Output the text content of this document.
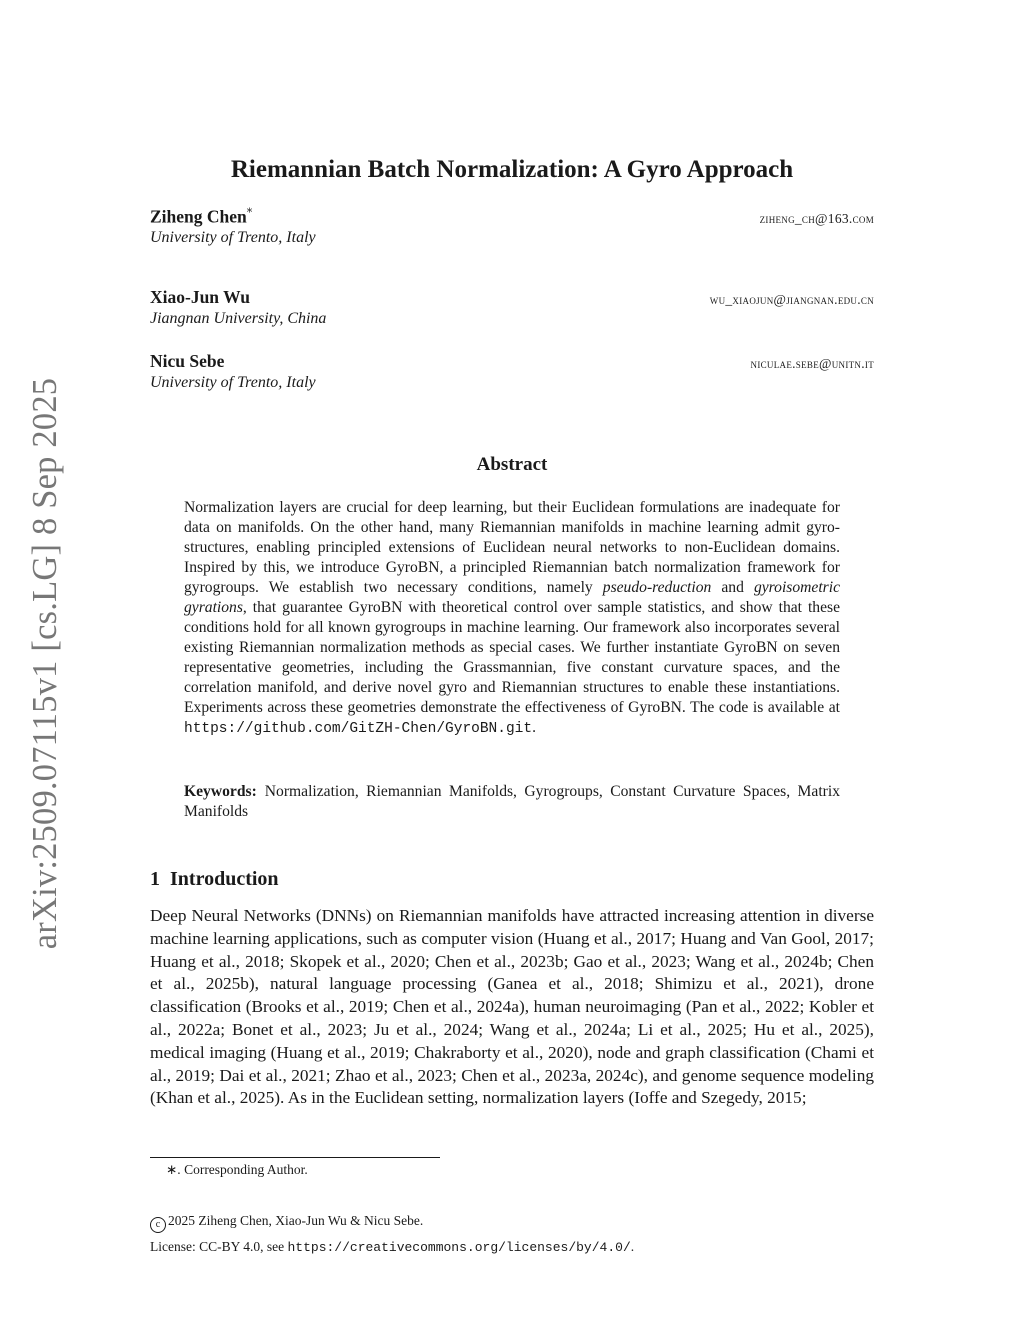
arXiv:2509.07115v1 [cs.LG] 8 Sep 2025
Riemannian Batch Normalization: A Gyro Approach
Ziheng Chen*
University of Trento, Italy
ziheng_ch@163.com
Xiao-Jun Wu
Jiangnan University, China
wu_xiaojun@jiangnan.edu.cn
Nicu Sebe
University of Trento, Italy
niculae.sebe@unitn.it
Abstract
Normalization layers are crucial for deep learning, but their Euclidean formulations are inadequate for data on manifolds. On the other hand, many Riemannian manifolds in machine learning admit gyro-structures, enabling principled extensions of Euclidean neural networks to non-Euclidean domains. Inspired by this, we introduce GyroBN, a principled Riemannian batch normalization framework for gyrogroups. We establish two necessary conditions, namely pseudo-reduction and gyroisometric gyrations, that guarantee GyroBN with theoretical control over sample statistics, and show that these conditions hold for all known gyrogroups in machine learning. Our framework also incorporates several existing Riemannian normalization methods as special cases. We further instantiate GyroBN on seven representative geometries, including the Grassmannian, five constant curvature spaces, and the correlation manifold, and derive novel gyro and Riemannian structures to enable these instantiations. Experiments across these geometries demonstrate the effectiveness of GyroBN. The code is available at https://github.com/GitZH-Chen/GyroBN.git.
Keywords: Normalization, Riemannian Manifolds, Gyrogroups, Constant Curvature Spaces, Matrix Manifolds
1 Introduction
Deep Neural Networks (DNNs) on Riemannian manifolds have attracted increasing attention in diverse machine learning applications, such as computer vision (Huang et al., 2017; Huang and Van Gool, 2017; Huang et al., 2018; Skopek et al., 2020; Chen et al., 2023b; Gao et al., 2023; Wang et al., 2024b; Chen et al., 2025b), natural language processing (Ganea et al., 2018; Shimizu et al., 2021), drone classification (Brooks et al., 2019; Chen et al., 2024a), human neuroimaging (Pan et al., 2022; Kobler et al., 2022a; Bonet et al., 2023; Ju et al., 2024; Wang et al., 2024a; Li et al., 2025; Hu et al., 2025), medical imaging (Huang et al., 2019; Chakraborty et al., 2020), node and graph classification (Chami et al., 2019; Dai et al., 2021; Zhao et al., 2023; Chen et al., 2023a, 2024c), and genome sequence modeling (Khan et al., 2025). As in the Euclidean setting, normalization layers (Ioffe and Szegedy, 2015;
∗. Corresponding Author.
c 2025 Ziheng Chen, Xiao-Jun Wu & Nicu Sebe.
License: CC-BY 4.0, see https://creativecommons.org/licenses/by/4.0/.
